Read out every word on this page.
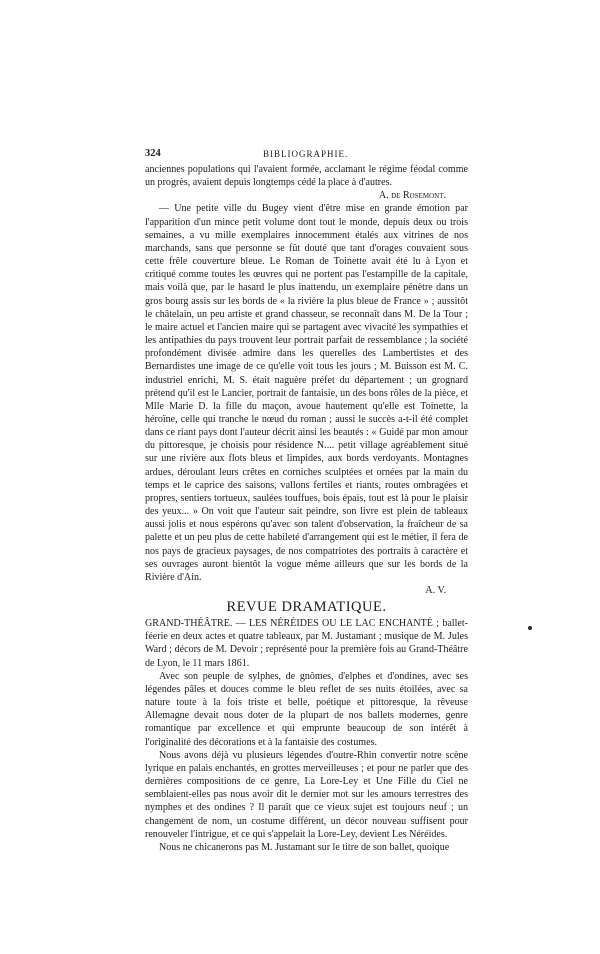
324	BIBLIOGRAPHIE.

anciennes populations qui l'avaient formée, acclamant le régime féodal comme un progrès, avaient depuis longtemps cédé la place à d'autres.

A. de Rosemont.

— Une petite ville du Bugey vient d'être mise en grande émotion par l'apparition d'un mince petit volume dont tout le monde, depuis deux ou trois semaines, a vu mille exemplaires innocemment étalés aux vitrines de nos marchands, sans que personne se fût douté que tant d'orages couvaient sous cette frêle couverture bleue. Le Roman de Toinette avait été lu à Lyon et critiqué comme toutes les œuvres qui ne portent pas l'estampille de la capitale, mais voilà que, par le hasard le plus inattendu, un exemplaire pénètre dans un gros bourg assis sur les bords de « la rivière la plus bleue de France » ; aussitôt le châtelain, un peu artiste et grand chasseur, se reconnaît dans M. De la Tour ; le maire actuel et l'ancien maire qui se partagent avec vivacité les sympathies et les antipathies du pays trouvent leur portrait parfait de ressemblance ; la société profondément divisée admire dans les querelles des Lambertistes et des Bernardistes une image de ce qu'elle voit tous les jours ; M. Buisson est M. C. industriel enrichi, M. S. était naguère préfet du département ; un grognard prétend qu'il est le Lancier, portrait de fantaisie, un des bons rôles de la pièce, et Mlle Marie D. la fille du maçon, avoue hautement qu'elle est Toinette, la héroïne, celle qui tranche le nœud du roman ; aussi le succès a-t-il été complet dans ce riant pays dont l'auteur décrit ainsi les beautés : « Guidé par mon amour du pittoresque, je choisis pour résidence N.... petit village agréablement situé sur une rivière aux flots bleus et limpides, aux bords verdoyants. Montagnes ardues, déroulant leurs crêtes en corniches sculptées et ornées par la main du temps et le caprice des saisons, vallons fertiles et riants, routes ombragées et propres, sentiers tortueux, saulées touffues, bois épais, tout est là pour le plaisir des yeux... » On voit que l'auteur sait peindre, son livre est plein de tableaux aussi jolis et nous espérons qu'avec son talent d'observation, la fraîcheur de sa palette et un peu plus de cette habileté d'arrangement qui est le métier, il fera de nos pays de gracieux paysages, de nos compatriotes des portraits à caractère et ses ouvrages auront bientôt la vogue même ailleurs que sur les bords de la Rivière d'Ain.

A. V.

REVUE DRAMATIQUE.

GRAND-THÉÂTRE. — LES NÉRÉIDES OU LE LAC ENCHANTÉ ; ballet-féerie en deux actes et quatre tableaux, par M. Justamant ; musique de M. Jules Ward ; décors de M. Devoir ; représenté pour la première fois au Grand-Théâtre de Lyon, le 11 mars 1861.

Avec son peuple de sylphes, de gnômes, d'elphes et d'ondines, avec ses légendes pâles et douces comme le bleu reflet de ses nuits étoilées, avec sa nature toute à la fois triste et belle, poétique et pittoresque, la rêveuse Allemagne devait nous doter de la plupart de nos ballets modernes, genre romantique par excellence et qui emprunte beaucoup de son intérêt à l'originalité des décorations et à la fantaisie des costumes.

Nous avons déjà vu plusieurs légendes d'outre-Rhin convertir notre scène lyrique en palais enchantés, en grottes merveilleuses ; et pour ne parler que des dernières compositions de ce genre, La Lore-Ley et Une Fille du Ciel ne semblaient-elles pas nous avoir dit le dernier mot sur les amours terrestres des nymphes et des ondines ? Il paraît que ce vieux sujet est toujours neuf ; un changement de nom, un costume différent, un décor nouveau suffisent pour renouveler l'intrigue, et ce qui s'appelait la Lore-Ley, devient Les Néréides.

Nous ne chicanerons pas M. Justamant sur le titre de son ballet, quoique
